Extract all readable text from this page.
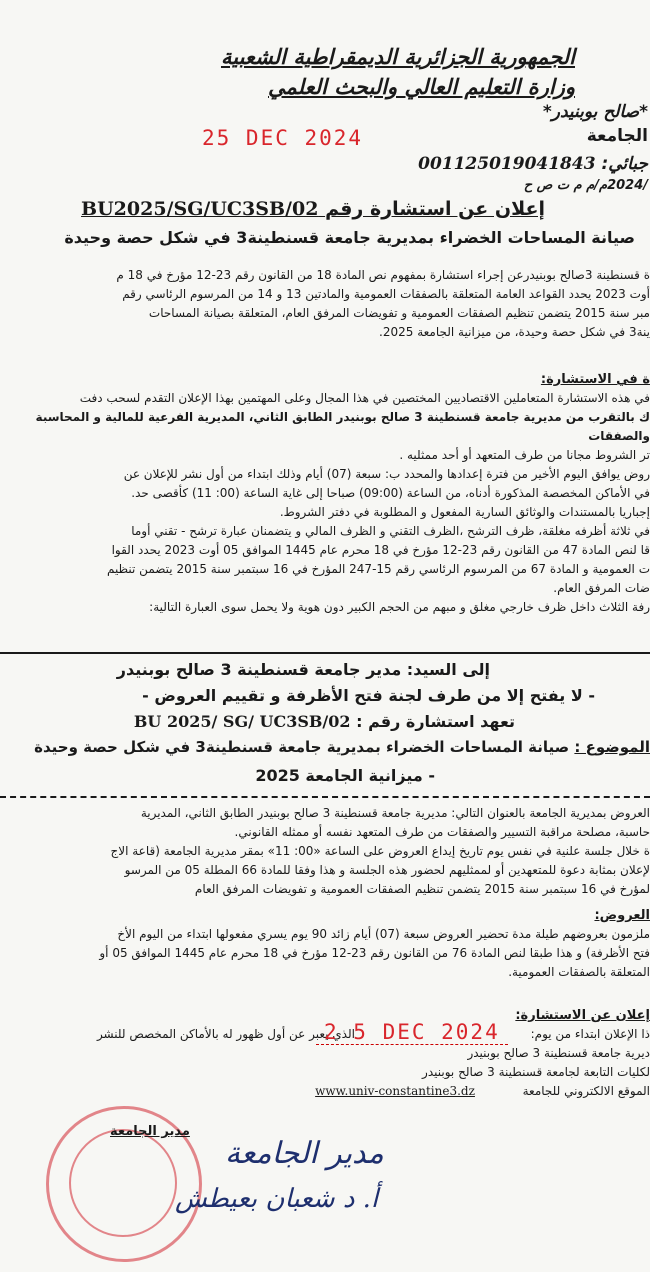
الجمهورية الجزائرية الديمقراطية الشعبية
وزارة التعليم العالي والبحث العلمي
*صالح بوبنيدر*
الجامعة
25 DEC 2024
جبائي: 001125019041843
/2024م/م م ت ص ح
إعلان عن استشارة رقم BU2025/SG/UC3SB/02
صيانة المساحات الخضراء بمديرية جامعة قسنطينة3 في شكل حصة وحيدة
ة قسنطينة 3صالح بوبنيدرعن إجراء استشارة بمفهوم نص المادة 18 من القانون رقم 23-12 مؤرخ في 18 م
أوت 2023 يحدد القواعد العامة المتعلقة بالصفقات العمومية والمادتين 13 و 14 من المرسوم الرئاسي رقم
مبر سنة 2015 يتضمن تنظيم الصفقات العمومية و تفويضات المرفق العام، المتعلقة بصيانة المساحات
ينة3 في شكل حصة وحيدة، من ميزانية الجامعة 2025.
ة في الاستشارة:
في هذه الاستشارة المتعاملين الاقتصاديين المختصين في هذا المجال وعلى المهتمين بهذا الإعلان التقدم لسحب دفت
ك بالتقرب من مديرية جامعة قسنطينة 3 صالح بوبنيدر الطابق الثاني، المديرية الفرعية للمالية و المحاسبة
والصفقات
تر الشروط مجانا من طرف المتعهد أو أحد ممثليه .
روض يوافق اليوم الأخير من فترة إعدادها والمحدد ب: سبعة (07) أيام وذلك ابتداء من أول نشر للإعلان عن
في الأماكن المخصصة المذكورة أدناه، من الساعة (09:00) صباحا إلى غاية الساعة (00: 11) كأقصى حد.
إجباريا بالمستندات والوثائق السارية المفعول و المطلوبة في دفتر الشروط.
في ثلاثة أظرفه مغلقة، ظرف الترشح ،الظرف التقني و الظرف المالي و يتضمنان عبارة ترشح - تقني أوما
قا لنص المادة 47 من القانون رقم 23-12 مؤرخ في 18 محرم عام 1445 الموافق 05 أوت 2023 يحدد القوا
ت العمومية و المادة 67 من المرسوم الرئاسي رقم 15-247 المؤرخ في 16 سبتمبر سنة 2015 يتضمن تنظيم
ضات المرفق العام.
رفة الثلاث داخل ظرف خارجي مغلق و مبهم من الحجم الكبير دون هوية ولا يحمل سوى العبارة التالية:
إلى السيد: مدير جامعة قسنطينة 3 صالح بوبنيدر
- لا يفتح إلا من طرف لجنة فتح الأظرفة و تقييم العروض -
تعهد استشارة رقم : BU 2025/ SG/ UC3SB/02
الموضوع : صيانة المساحات الخضراء بمديرية جامعة قسنطينة3 في شكل حصة وحيدة
- ميزانية الجامعة 2025
العروض بمديرية الجامعة بالعنوان التالي: مديرية جامعة قسنطينة 3 صالح بوبنيدر الطابق الثاني، المديرية
حاسبة، مصلحة مراقبة التسيير والصفقات من طرف المتعهد نفسه أو ممثله القانوني.
ة خلال جلسة علنية في نفس يوم تاريخ إيداع العروض على الساعة «00: 11» بمقر مديرية الجامعة (قاعة الاج
لإعلان بمثابة دعوة للمتعهدين أو لممثليهم لحضور هذه الجلسة و هذا وفقا للمادة 66 المطلة 05 من المرسو
لمؤرخ في 16 سبتمبر سنة 2015 يتضمن تنظيم الصفقات العمومية و تفويضات المرفق العام
العروض:
ملزمون بعروضهم طيلة مدة تحضير العروض سبعة (07) أيام زائد 90 يوم يسري مفعولها ابتداء من اليوم الأخ
فتح الأظرفة) و هذا طبقا لنص المادة 76 من القانون رقم 23-12 مؤرخ في 18 محرم عام 1445 الموافق 05 أو
المتعلقة بالصفقات العمومية.
إعلان عن الاستشارة:
ذا الإعلان ابتداء من يوم:  الذي يعبر عن أول ظهور له بالأماكن المخصص للنشر
ديرية جامعة قسنطينة 3 صالح بوبنيدر
لكليات التابعة لجامعة قسنطينة 3 صالح بوبنيدر
الموقع الالكتروني للجامعة  www.univ-constantine3.dz
2 5 DEC 2024
مدير الجامعة
مدير الجامعة
أ. د شعبان بعيطش
